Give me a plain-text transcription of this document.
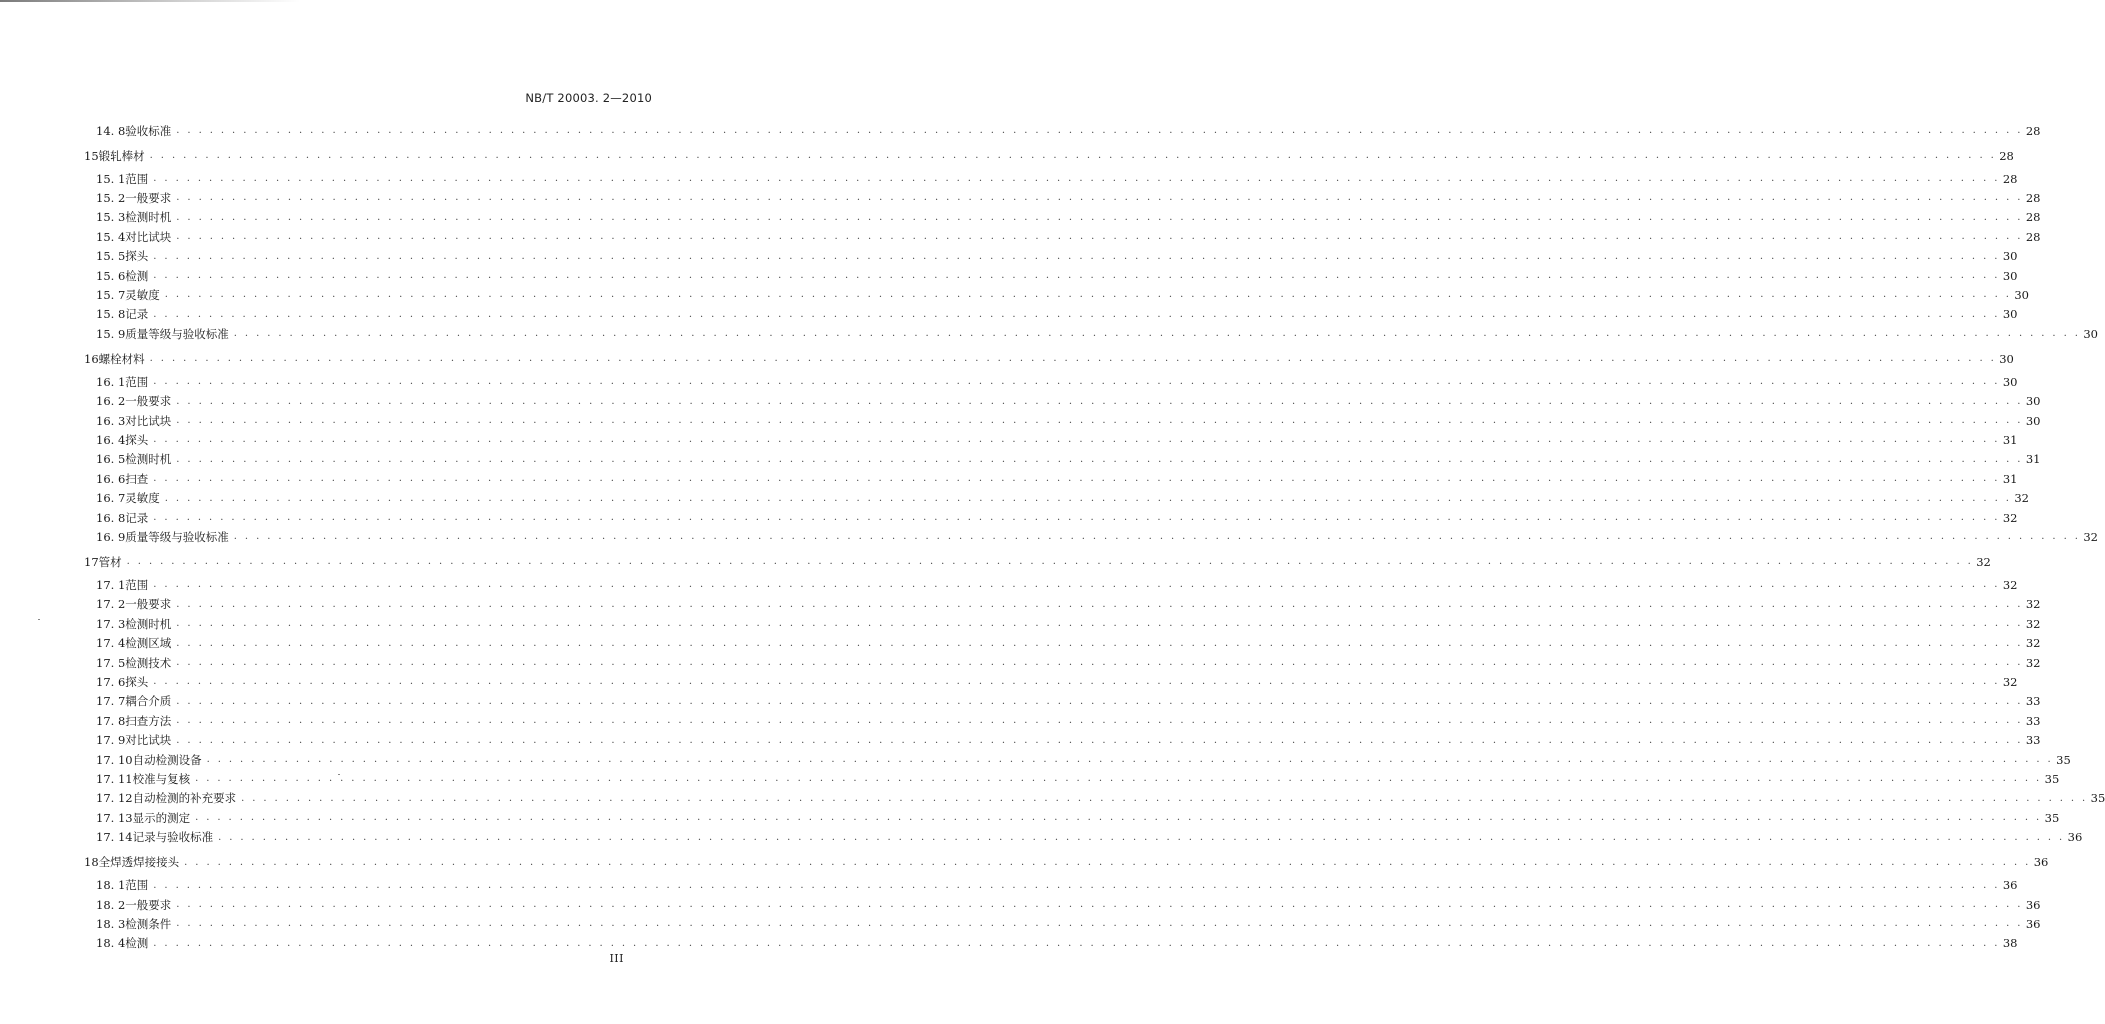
NB/T 20003. 2—2010
14. 8 验收标准 . . .	28
15 锻轧棒材 . . .	28
15. 1 范围 . . .	28
15. 2 一般要求 . . .	28
15. 3 检测时机 . . .	28
15. 4 对比试块 . . .	28
15. 5 探头 . . .	30
15. 6 检测 . . .	30
15. 7 灵敏度 . . .	30
15. 8 记录 . . .	30
15. 9 质量等级与验收标准 . . .	30
16 螺栓材料 . . .	30
16. 1 范围 . . .	30
16. 2 一般要求 . . .	30
16. 3 对比试块 . . .	30
16. 4 探头 . . .	31
16. 5 检测时机 . . .	31
16. 6 扫查 . . .	31
16. 7 灵敏度 . . .	32
16. 8 记录 . . .	32
16. 9 质量等级与验收标准 . . .	32
17 管材 . . .	32
17. 1 范围 . . .	32
17. 2 一般要求 . . .	32
17. 3 检测时机 . . .	32
17. 4 检测区域 . . .	32
17. 5 检测技术 . . .	32
17. 6 探头 . . .	32
17. 7 耦合介质 . . .	33
17. 8 扫查方法 . . .	33
17. 9 对比试块 . . .	33
17. 10 自动检测设备 . . .	35
17. 11 校准与复核 . . .	35
17. 12 自动检测的补充要求 . . .	35
17. 13 显示的测定 . . .	35
17. 14 记录与验收标准 . . .	36
18 全焊透焊接接头 . . .	36
18. 1 范围 . . .	36
18. 2 一般要求 . . .	36
18. 3 检测条件 . . .	36
18. 4 检测 . . .	38
III
